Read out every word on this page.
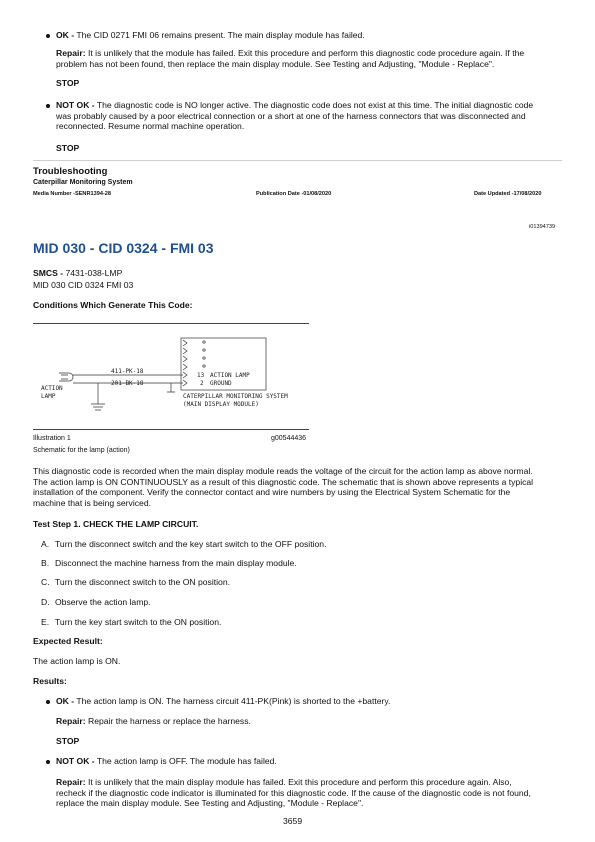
OK - The CID 0271 FMI 06 remains present. The main display module has failed.
Repair: It is unlikely that the module has failed. Exit this procedure and perform this diagnostic code procedure again. If the
problem has not been found, then replace the main display module. See Testing and Adjusting, "Module - Replace".
STOP
NOT OK - The diagnostic code is NO longer active. The diagnostic code does not exist at this time. The initial diagnostic code
was probably caused by a poor electrical connection or a short at one of the harness connectors that was disconnected and
reconnected. Resume normal machine operation.
STOP
Troubleshooting
Caterpillar Monitoring System
Media Number -SENR1394-28	Publication Date -01/08/2020	Date Updated -17/08/2020
i01394739
MID 030 - CID 0324 - FMI 03
SMCS - 7431-038-LMP
MID 030 CID 0324 FMI 03
Conditions Which Generate This Code:
411-PK-18
201-BK-18
ACTION
LAMP
13 ACTION LAMP
2 GROUND
CATERPILLAR MONITORING SYSTEM
(MAIN DISPLAY MODULE)
Illustration 1	g00544436
Schematic for the lamp (action)
This diagnostic code is recorded when the main display module reads the voltage of the circuit for the action lamp as above normal.
The action lamp is ON CONTINUOUSLY as a result of this diagnostic code. The schematic that is shown above represents a typical
installation of the component. Verify the connector contact and wire numbers by using the Electrical System Schematic for the
machine that is being serviced.
Test Step 1. CHECK THE LAMP CIRCUIT.
A. Turn the disconnect switch and the key start switch to the OFF position.
B. Disconnect the machine harness from the main display module.
C. Turn the disconnect switch to the ON position.
D. Observe the action lamp.
E. Turn the key start switch to the ON position.
Expected Result:
The action lamp is ON.
Results:
OK - The action lamp is ON. The harness circuit 411-PK(Pink) is shorted to the +battery.
Repair: Repair the harness or replace the harness.
STOP
NOT OK - The action lamp is OFF. The module has failed.
Repair: It is unlikely that the main display module has failed. Exit this procedure and perform this procedure again. Also,
recheck if the diagnostic code indicator is illuminated for this diagnostic code. If the cause of the diagnostic code is not found,
replace the main display module. See Testing and Adjusting, "Module - Replace".
3659
